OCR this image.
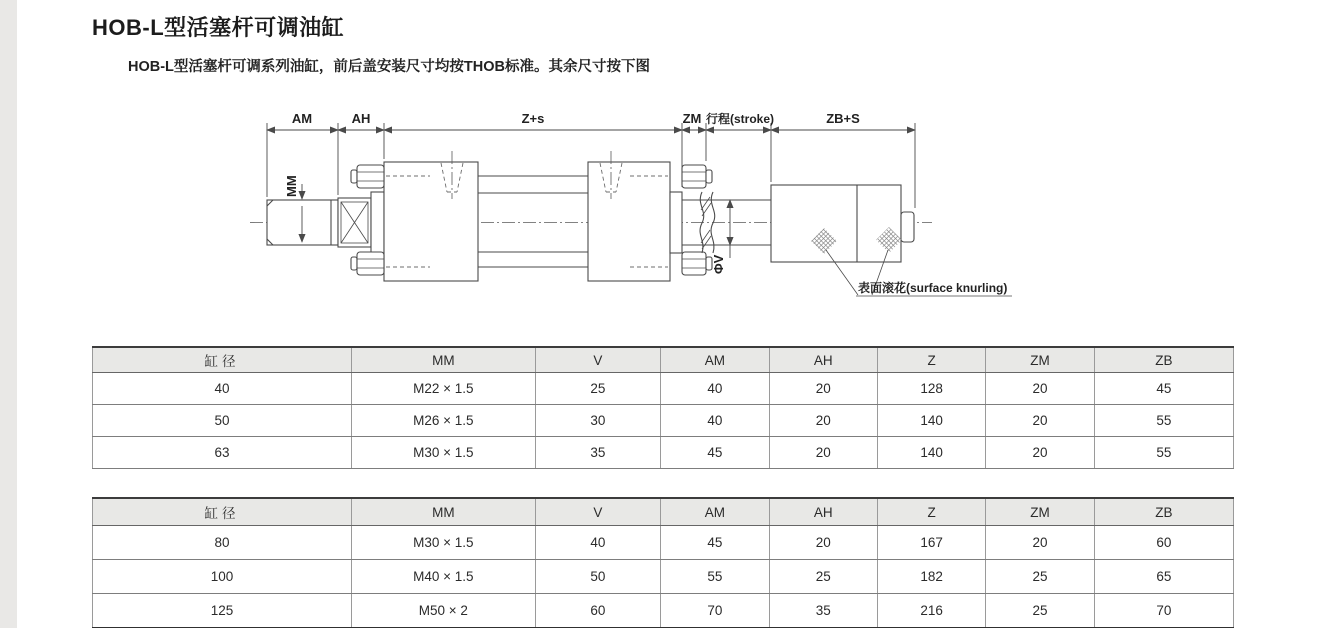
HOB-L型活塞杆可调油缸
HOB-L型活塞杆可调系列油缸，前后盖安装尺寸均按THOB标准。其余尺寸按下图
AM	AH	Z+s	ZM 行程(stroke)	ZB+S
MM
ΦV
表面滚花(surface knurling)
缸径	MM	V	AM	AH	Z	ZM	ZB
40	M22 × 1.5	25	40	20	128	20	45
50	M26 × 1.5	30	40	20	140	20	55
63	M30 × 1.5	35	45	20	140	20	55
缸径	MM	V	AM	AH	Z	ZM	ZB
80	M30 × 1.5	40	45	20	167	20	60
100	M40 × 1.5	50	55	25	182	25	65
125	M50 × 2	60	70	35	216	25	70
